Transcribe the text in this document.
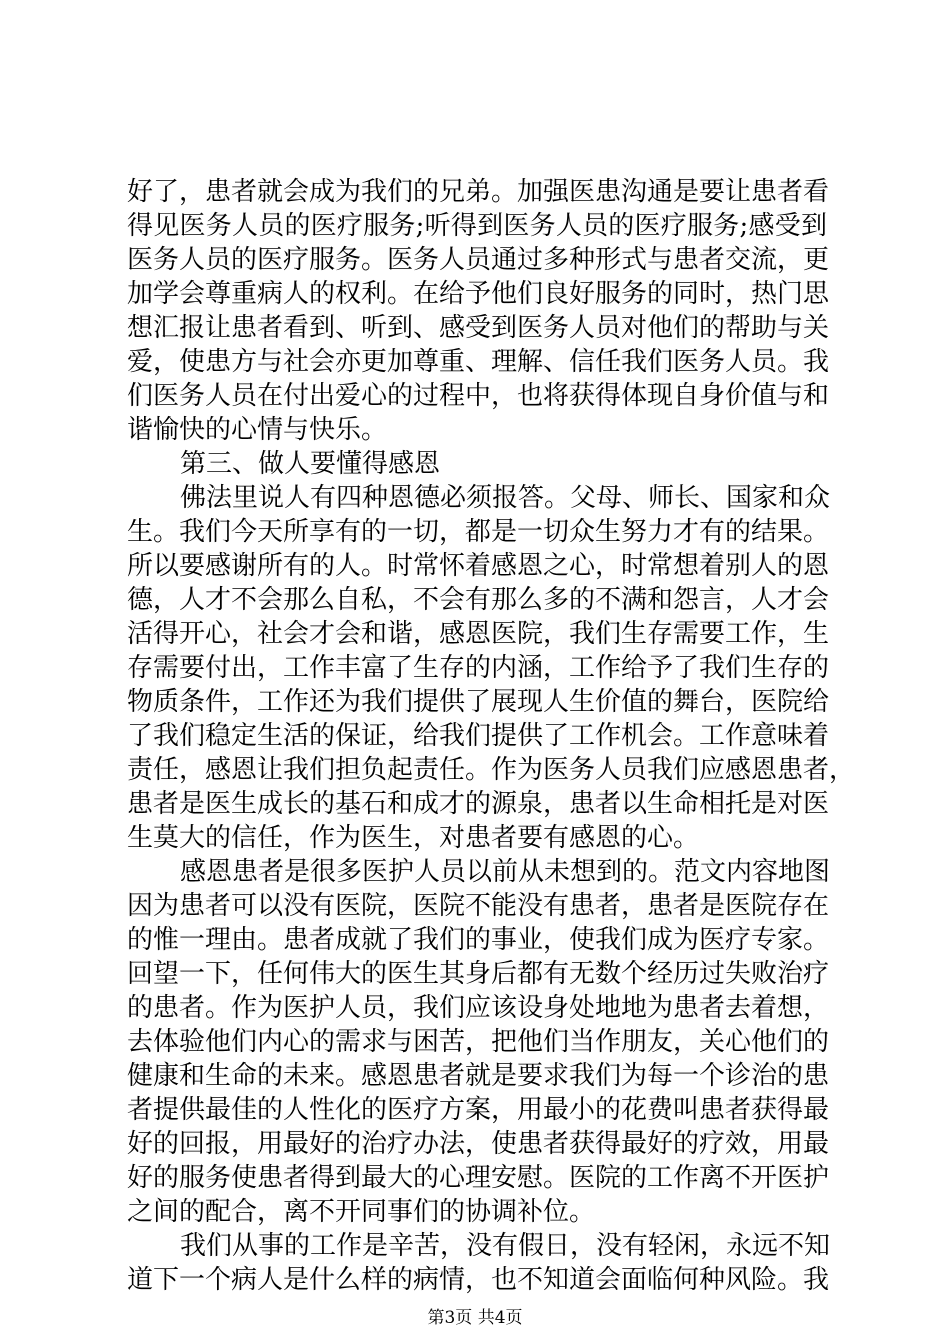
好了，患者就会成为我们的兄弟。加强医患沟通是要让患者看
得见医务人员的医疗服务;听得到医务人员的医疗服务;感受到
医务人员的医疗服务。医务人员通过多种形式与患者交流，更
加学会尊重病人的权利。在给予他们良好服务的同时，热门思
想汇报让患者看到、听到、感受到医务人员对他们的帮助与关
爱，使患方与社会亦更加尊重、理解、信任我们医务人员。我
们医务人员在付出爱心的过程中，也将获得体现自身价值与和
谐愉快的心情与快乐。
第三、做人要懂得感恩
佛法里说人有四种恩德必须报答。父母、师长、国家和众
生。我们今天所享有的一切，都是一切众生努力才有的结果。
所以要感谢所有的人。时常怀着感恩之心，时常想着别人的恩
德，人才不会那么自私，不会有那么多的不满和怨言，人才会
活得开心，社会才会和谐，感恩医院，我们生存需要工作，生
存需要付出，工作丰富了生存的内涵，工作给予了我们生存的
物质条件，工作还为我们提供了展现人生价值的舞台，医院给
了我们稳定生活的保证，给我们提供了工作机会。工作意味着
责任，感恩让我们担负起责任。作为医务人员我们应感恩患者，
患者是医生成长的基石和成才的源泉，患者以生命相托是对医
生莫大的信任，作为医生，对患者要有感恩的心。
感恩患者是很多医护人员以前从未想到的。范文内容地图
因为患者可以没有医院，医院不能没有患者，患者是医院存在
的惟一理由。患者成就了我们的事业，使我们成为医疗专家。
回望一下，任何伟大的医生其身后都有无数个经历过失败治疗
的患者。作为医护人员，我们应该设身处地地为患者去着想，
去体验他们内心的需求与困苦，把他们当作朋友，关心他们的
健康和生命的未来。感恩患者就是要求我们为每一个诊治的患
者提供最佳的人性化的医疗方案，用最小的花费叫患者获得最
好的回报，用最好的治疗办法，使患者获得最好的疗效，用最
好的服务使患者得到最大的心理安慰。医院的工作离不开医护
之间的配合，离不开同事们的协调补位。
我们从事的工作是辛苦，没有假日，没有轻闲，永远不知
道下一个病人是什么样的病情，也不知道会面临何种风险。我
第3页 共4页
